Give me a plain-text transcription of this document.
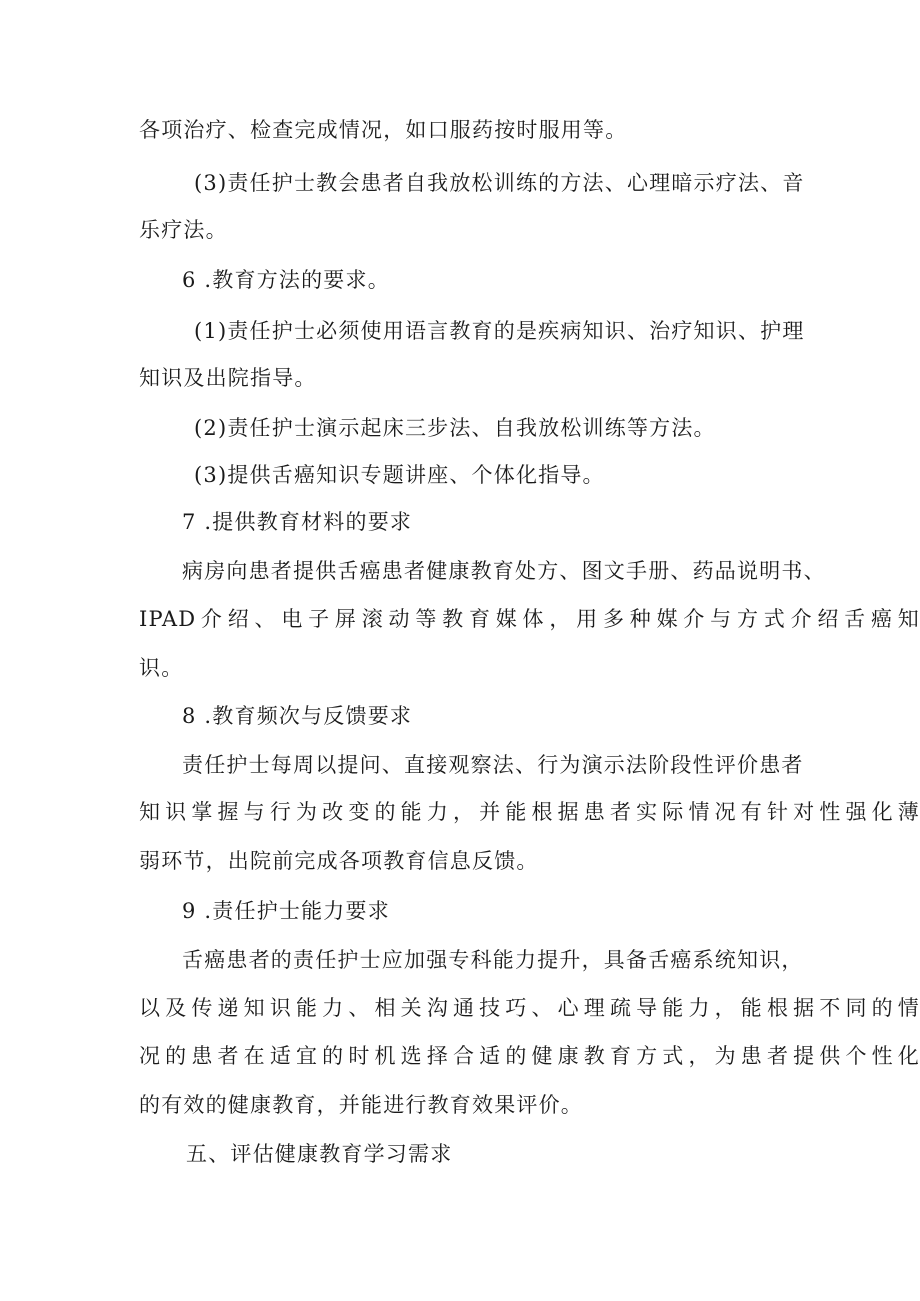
各项治疗、检查完成情况，如口服药按时服用等。
(3)责任护士教会患者自我放松训练的方法、心理暗示疗法、音
乐疗法。
6 .教育方法的要求。
(1)责任护士必须使用语言教育的是疾病知识、治疗知识、护理
知识及出院指导。
(2)责任护士演示起床三步法、自我放松训练等方法。
(3)提供舌癌知识专题讲座、个体化指导。
7 .提供教育材料的要求
病房向患者提供舌癌患者健康教育处方、图文手册、药品说明书、
IPAD介绍、电子屏滚动等教育媒体，用多种媒介与方式介绍舌癌知
识。
8 .教育频次与反馈要求
责任护士每周以提问、直接观察法、行为演示法阶段性评价患者
知识掌握与行为改变的能力，并能根据患者实际情况有针对性强化薄
弱环节，出院前完成各项教育信息反馈。
9 .责任护士能力要求
舌癌患者的责任护士应加强专科能力提升，具备舌癌系统知识，
以及传递知识能力、相关沟通技巧、心理疏导能力，能根据不同的情
况的患者在适宜的时机选择合适的健康教育方式，为患者提供个性化
的有效的健康教育，并能进行教育效果评价。
五、评估健康教育学习需求
